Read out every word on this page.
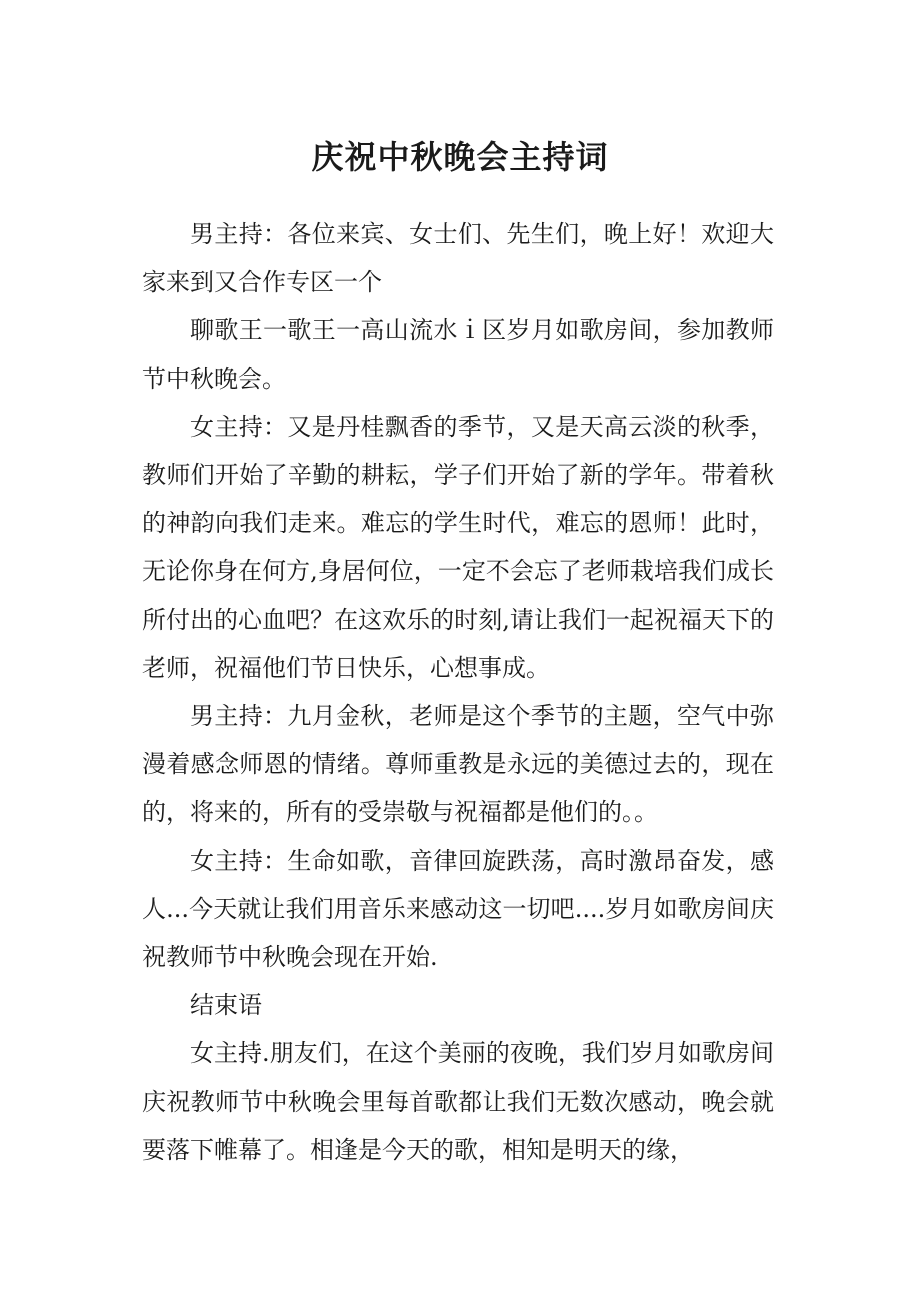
庆祝中秋晚会主持词

男主持：各位来宾、女士们、先生们，晚上好！欢迎大家来到又合作专区一个

聊歌王一歌王一高山流水ｉ区岁月如歌房间，参加教师节中秋晚会。

女主持：又是丹桂飘香的季节，又是天高云淡的秋季，教师们开始了辛勤的耕耘，学子们开始了新的学年。带着秋的神韵向我们走来。难忘的学生时代，难忘的恩师！此时，无论你身在何方,身居何位，一定不会忘了老师栽培我们成长所付出的心血吧？在这欢乐的时刻,请让我们一起祝福天下的老师，祝福他们节日快乐，心想事成。

男主持：九月金秋，老师是这个季节的主题，空气中弥漫着感念师恩的情绪。尊师重教是永远的美德过去的，现在的，将来的，所有的受崇敬与祝福都是他们的。。

女主持：生命如歌，音律回旋跌荡，高时激昂奋发，感人...今天就让我们用音乐来感动这一切吧....岁月如歌房间庆祝教师节中秋晚会现在开始.

结束语

女主持.朋友们，在这个美丽的夜晚，我们岁月如歌房间庆祝教师节中秋晚会里每首歌都让我们无数次感动，晚会就要落下帷幕了。相逢是今天的歌，相知是明天的缘，
